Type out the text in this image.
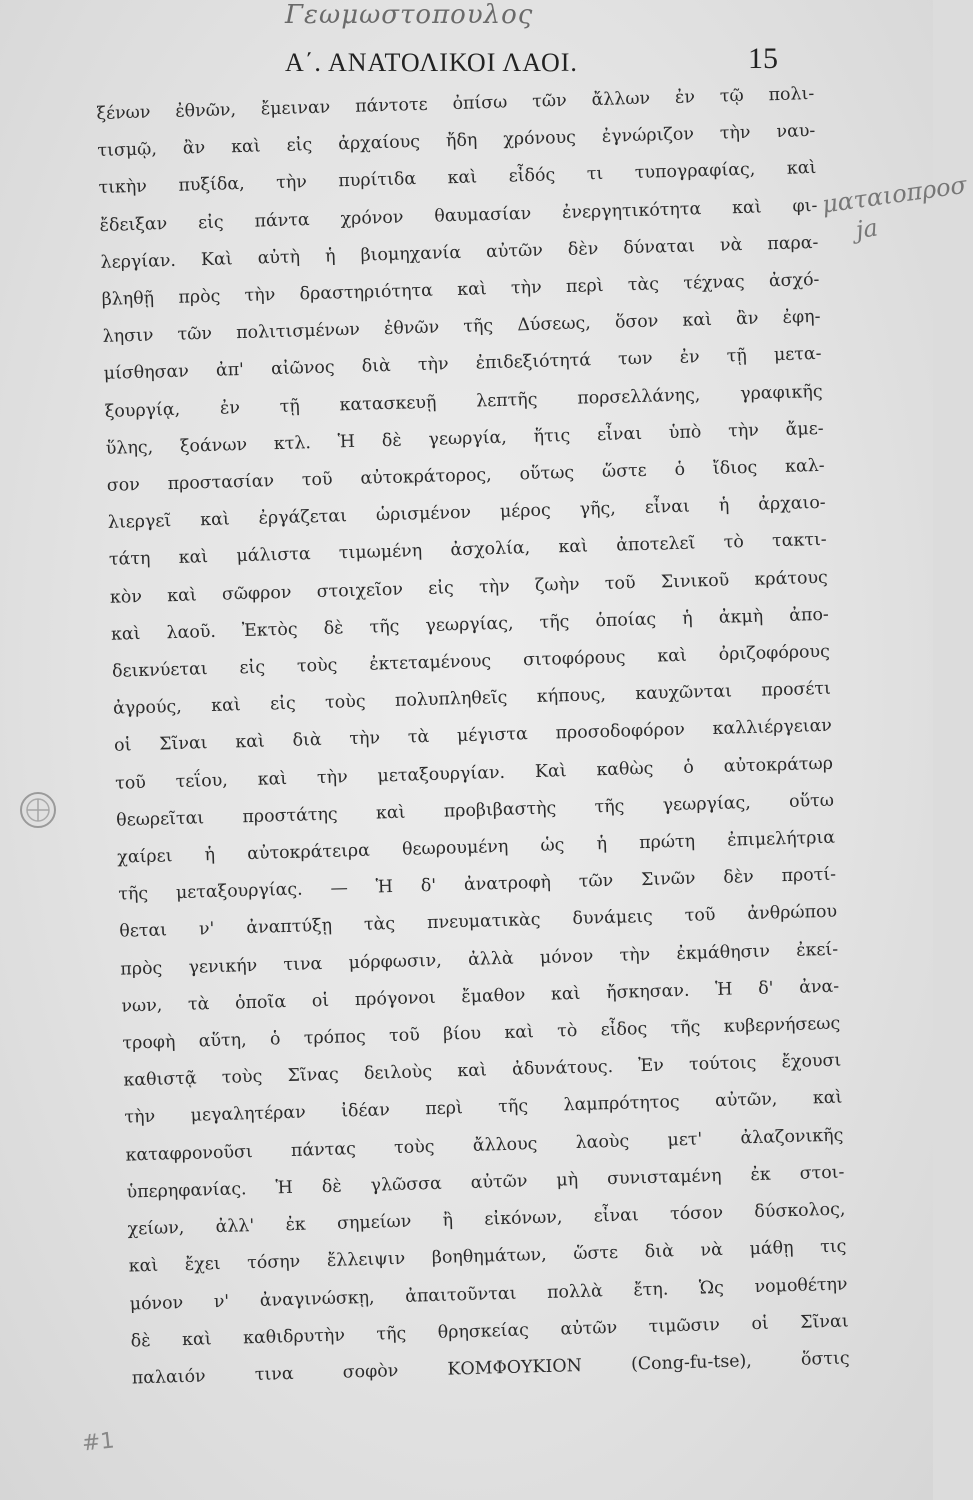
Γεωμωστοπουλος
Α΄. ΑΝΑΤΟΛΙΚΟΙ ΛΑΟΙ.	15
ξένων ἐθνῶν, ἔμειναν πάντοτε ὀπίσω τῶν ἄλλων ἐν τῷ πολι-
τισμῷ, ἂν καὶ εἰς ἀρχαίους ἤδη χρόνους ἐγνώριζον τὴν ναυ-
τικὴν πυξίδα, τὴν πυρίτιδα καὶ εἶδός τι τυπογραφίας, καὶ
ἔδειξαν εἰς πάντα χρόνον θαυμασίαν ἐνεργητικότητα καὶ φι-
λεργίαν. Καὶ αὐτὴ ἡ βιομηχανία αὐτῶν δὲν δύναται νὰ παρα-
βληθῇ πρὸς τὴν δραστηριότητα καὶ τὴν περὶ τὰς τέχνας ἀσχό-
λησιν τῶν πολιτισμένων ἐθνῶν τῆς Δύσεως, ὅσον καὶ ἂν ἐφη-
μίσθησαν ἀπ' αἰῶνος διὰ τὴν ἐπιδεξιότητά των ἐν τῇ μετα-
ξουργίᾳ, ἐν τῇ κατασκευῇ λεπτῆς πορσελλάνης, γραφικῆς
ὕλης, ξοάνων κτλ. Ἡ δὲ γεωργία, ἥτις εἶναι ὑπὸ τὴν ἄμε-
σον προστασίαν τοῦ αὐτοκράτορος, οὕτως ὥστε ὁ ἴδιος καλ-
λιεργεῖ καὶ ἐργάζεται ὡρισμένον μέρος γῆς, εἶναι ἡ ἀρχαιο-
τάτη καὶ μάλιστα τιμωμένη ἀσχολία, καὶ ἀποτελεῖ τὸ τακτι-
κὸν καὶ σῶφρον στοιχεῖον εἰς τὴν ζωὴν τοῦ Σινικοῦ κράτους
καὶ λαοῦ. Ἐκτὸς δὲ τῆς γεωργίας, τῆς ὁποίας ἡ ἀκμὴ ἀπο-
δεικνύεται εἰς τοὺς ἐκτεταμένους σιτοφόρους καὶ ὀριζοφόρους
ἀγρούς, καὶ εἰς τοὺς πολυπληθεῖς κήπους, καυχῶνται προσέτι
οἱ Σῖναι καὶ διὰ τὴν τὰ μέγιστα προσοδοφόρον καλλιέργειαν
τοῦ τεΐου, καὶ τὴν μεταξουργίαν. Καὶ καθὼς ὁ αὐτοκράτωρ
θεωρεῖται προστάτης καὶ προβιβαστὴς τῆς γεωργίας, οὕτω
χαίρει ἡ αὐτοκράτειρα θεωρουμένη ὡς ἡ πρώτη ἐπιμελήτρια
τῆς μεταξουργίας. — Ἡ δ' ἀνατροφὴ τῶν Σινῶν δὲν προτί-
θεται ν' ἀναπτύξῃ τὰς πνευματικὰς δυνάμεις τοῦ ἀνθρώπου
πρὸς γενικήν τινα μόρφωσιν, ἀλλὰ μόνον τὴν ἐκμάθησιν ἐκεί-
νων, τὰ ὁποῖα οἱ πρόγονοι ἔμαθον καὶ ἤσκησαν. Ἡ δ' ἀνα-
τροφὴ αὕτη, ὁ τρόπος τοῦ βίου καὶ τὸ εἶδος τῆς κυβερνήσεως
καθιστᾷ τοὺς Σῖνας δειλοὺς καὶ ἀδυνάτους. Ἐν τούτοις ἔχουσι
τὴν μεγαλητέραν ἰδέαν περὶ τῆς λαμπρότητος αὐτῶν, καὶ
καταφρονοῦσι πάντας τοὺς ἄλλους λαοὺς μετ' ἀλαζονικῆς
ὑπερηφανίας. Ἡ δὲ γλῶσσα αὐτῶν μὴ συνισταμένη ἐκ στοι-
χείων, ἀλλ' ἐκ σημείων ἢ εἰκόνων, εἶναι τόσον δύσκολος,
καὶ ἔχει τόσην ἔλλειψιν βοηθημάτων, ὥστε διὰ νὰ μάθῃ τις
μόνον ν' ἀναγινώσκῃ, ἀπαιτοῦνται πολλὰ ἔτη. Ὡς νομοθέτην
δὲ καὶ καθιδρυτὴν τῆς θρησκείας αὐτῶν τιμῶσιν οἱ Σῖναι
παλαιόν τινα σοφὸν ΚΟΜΦΟΥΚΙΟΝ (Cong-fu-tse), ὅστις
ματαιοπροσ
ja
#1
